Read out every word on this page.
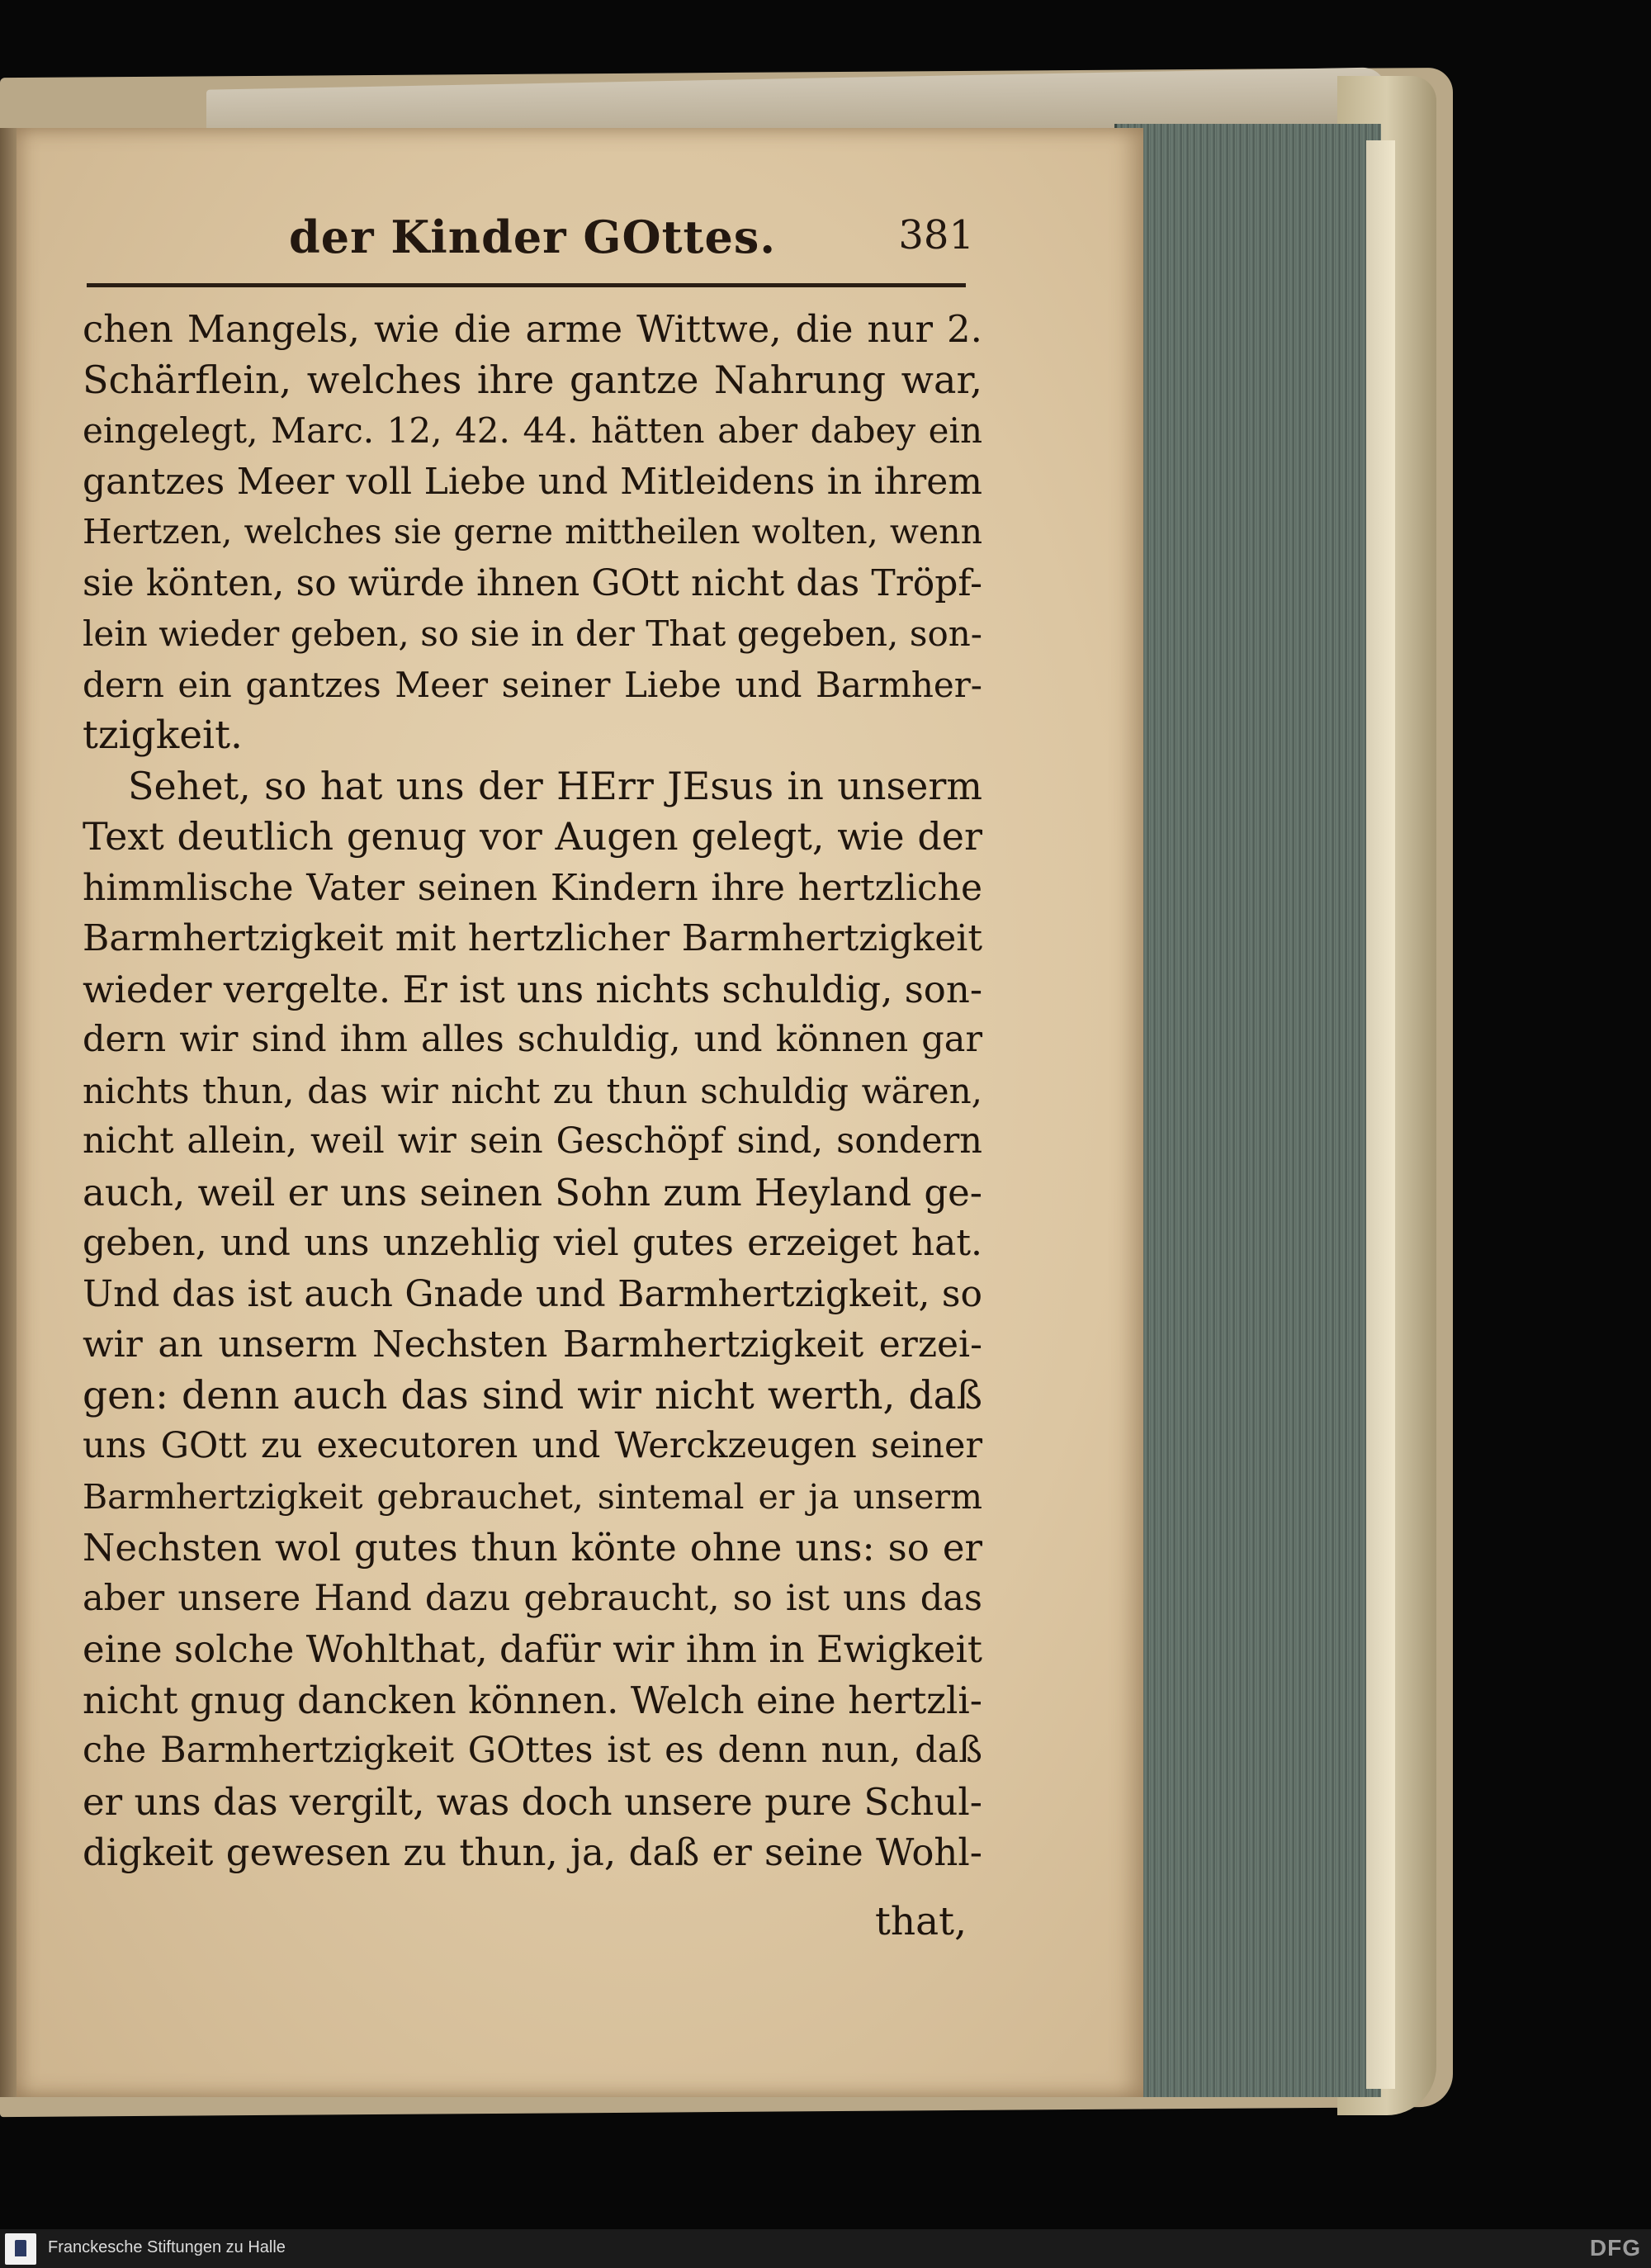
der Kinder GOttes.	381
chen Mangels, wie die arme Wittwe, die nur 2.
Schärflein, welches ihre gantze Nahrung war,
eingelegt, Marc. 12, 42. 44. hätten aber dabey ein
gantzes Meer voll Liebe und Mitleidens in ihrem
Hertzen, welches sie gerne mittheilen wolten, wenn
sie könten, so würde ihnen GOtt nicht das Tröpf-
lein wieder geben, so sie in der That gegeben, son-
dern ein gantzes Meer seiner Liebe und Barmher-
tzigkeit.
Sehet, so hat uns der HErr JEsus in unserm
Text deutlich genug vor Augen gelegt, wie der
himmlische Vater seinen Kindern ihre hertzliche
Barmhertzigkeit mit hertzlicher Barmhertzigkeit
wieder vergelte. Er ist uns nichts schuldig, son-
dern wir sind ihm alles schuldig, und können gar
nichts thun, das wir nicht zu thun schuldig wären,
nicht allein, weil wir sein Geschöpf sind, sondern
auch, weil er uns seinen Sohn zum Heyland ge-
geben, und uns unzehlig viel gutes erzeiget hat.
Und das ist auch Gnade und Barmhertzigkeit, so
wir an unserm Nechsten Barmhertzigkeit erzei-
gen: denn auch das sind wir nicht werth, daß
uns GOtt zu executoren und Werckzeugen seiner
Barmhertzigkeit gebrauchet, sintemal er ja unserm
Nechsten wol gutes thun könte ohne uns: so er
aber unsere Hand dazu gebraucht, so ist uns das
eine solche Wohlthat, dafür wir ihm in Ewigkeit
nicht gnug dancken können. Welch eine hertzli-
che Barmhertzigkeit GOttes ist es denn nun, daß
er uns das vergilt, was doch unsere pure Schul-
digkeit gewesen zu thun, ja, daß er seine Wohl-
that,
Franckesche Stiftungen zu Halle	DFG
